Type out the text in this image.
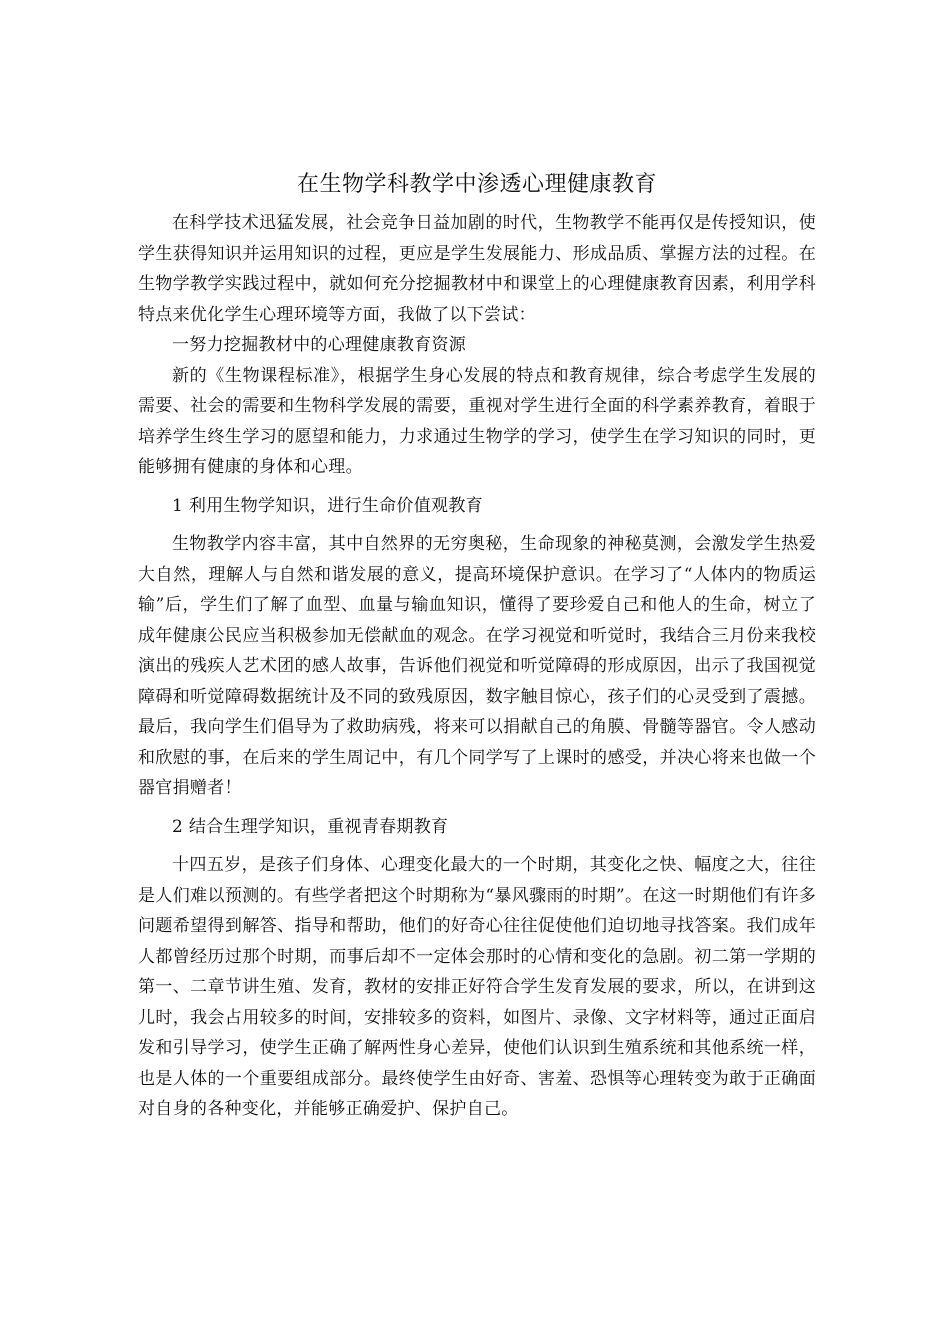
在生物学科教学中渗透心理健康教育

在科学技术迅猛发展，社会竞争日益加剧的时代，生物教学不能再仅是传授知识，使学生获得知识并运用知识的过程，更应是学生发展能力、形成品质、掌握方法的过程。在生物学教学实践过程中，就如何充分挖掘教材中和课堂上的心理健康教育因素，利用学科特点来优化学生心理环境等方面，我做了以下尝试：

一努力挖掘教材中的心理健康教育资源

新的《生物课程标准》，根据学生身心发展的特点和教育规律，综合考虑学生发展的需要、社会的需要和生物科学发展的需要，重视对学生进行全面的科学素养教育，着眼于培养学生终生学习的愿望和能力，力求通过生物学的学习，使学生在学习知识的同时，更能够拥有健康的身体和心理。

1 利用生物学知识，进行生命价值观教育

生物教学内容丰富，其中自然界的无穷奥秘，生命现象的神秘莫测，会激发学生热爱大自然，理解人与自然和谐发展的意义，提高环境保护意识。在学习了“人体内的物质运输”后，学生们了解了血型、血量与输血知识，懂得了要珍爱自己和他人的生命，树立了成年健康公民应当积极参加无偿献血的观念。在学习视觉和听觉时，我结合三月份来我校演出的残疾人艺术团的感人故事，告诉他们视觉和听觉障碍的形成原因，出示了我国视觉障碍和听觉障碍数据统计及不同的致残原因，数字触目惊心，孩子们的心灵受到了震撼。最后，我向学生们倡导为了救助病残，将来可以捐献自己的角膜、骨髓等器官。令人感动和欣慰的事，在后来的学生周记中，有几个同学写了上课时的感受，并决心将来也做一个器官捐赠者！

2 结合生理学知识，重视青春期教育

十四五岁，是孩子们身体、心理变化最大的一个时期，其变化之快、幅度之大，往往是人们难以预测的。有些学者把这个时期称为“暴风骤雨的时期”。在这一时期他们有许多问题希望得到解答、指导和帮助，他们的好奇心往往促使他们迫切地寻找答案。我们成年人都曾经历过那个时期，而事后却不一定体会那时的心情和变化的急剧。初二第一学期的第一、二章节讲生殖、发育，教材的安排正好符合学生发育发展的要求，所以，在讲到这儿时，我会占用较多的时间，安排较多的资料，如图片、录像、文字材料等，通过正面启发和引导学习，使学生正确了解两性身心差异，使他们认识到生殖系统和其他系统一样，也是人体的一个重要组成部分。最终使学生由好奇、害羞、恐惧等心理转变为敢于正确面对自身的各种变化，并能够正确爱护、保护自己。
